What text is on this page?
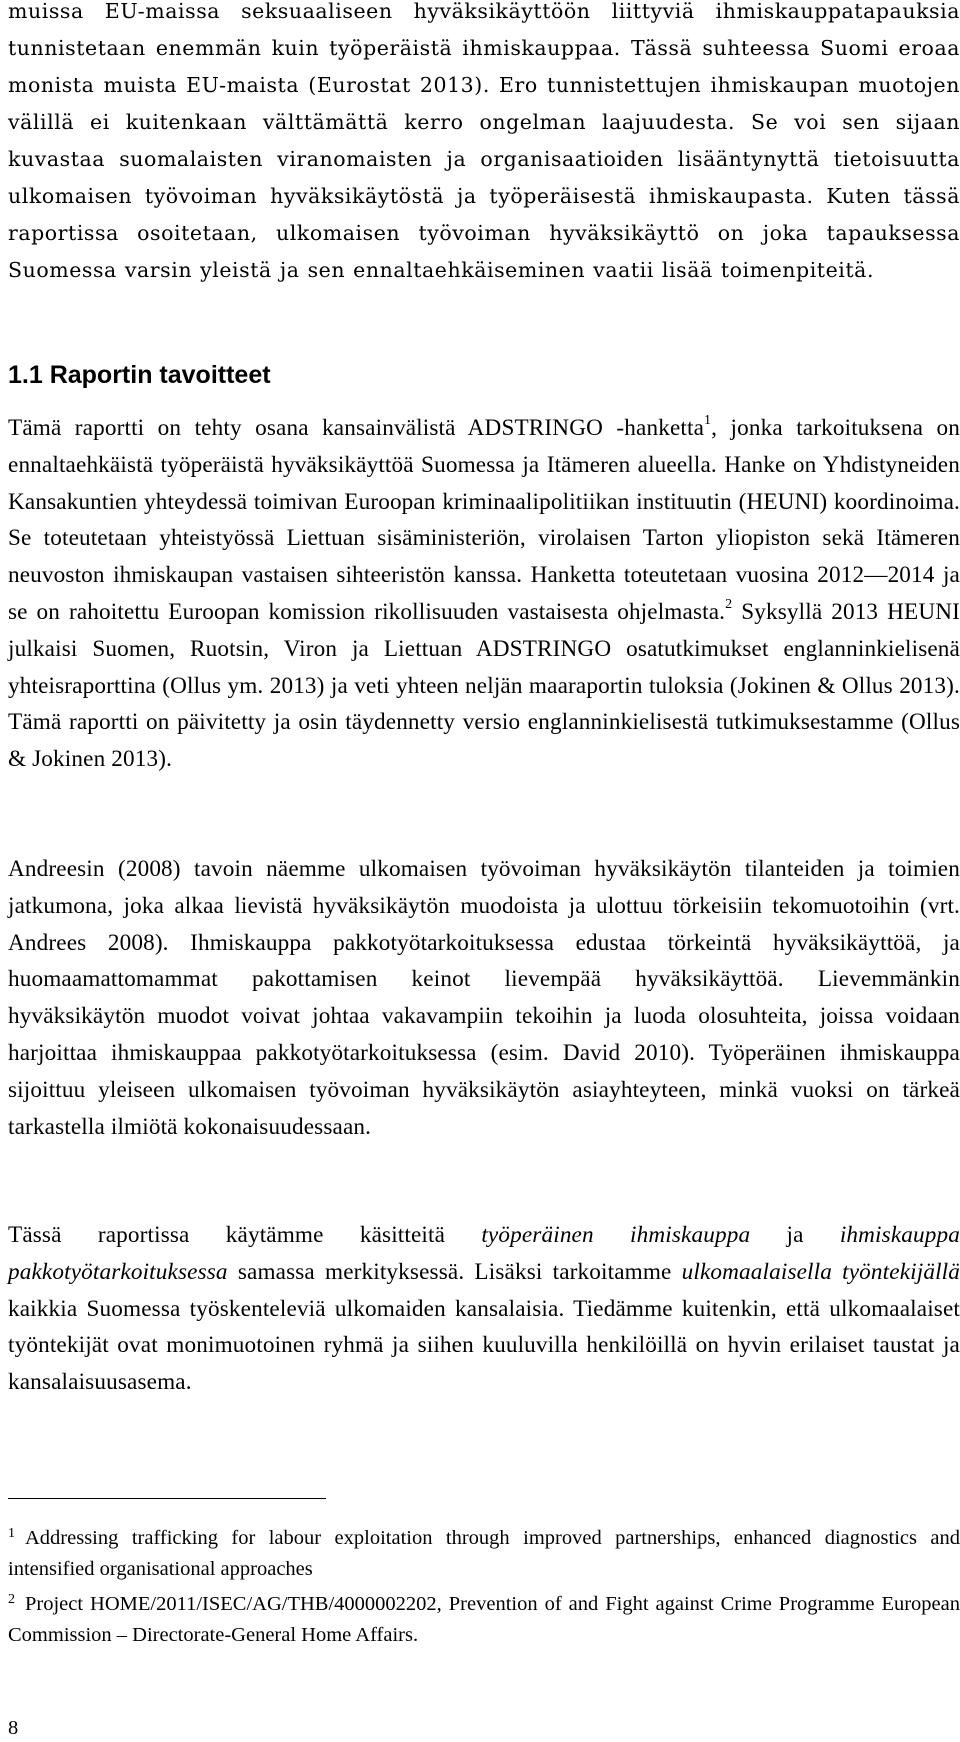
muissa EU-maissa seksuaaliseen hyväksikäyttöön liittyviä ihmiskauppatapauksia tunnistetaan enemmän kuin työperäistä ihmiskauppaa. Tässä suhteessa Suomi eroaa monista muista EU-maista (Eurostat 2013). Ero tunnistettujen ihmiskaupan muotojen välillä ei kuitenkaan välttämättä kerro ongelman laajuudesta. Se voi sen sijaan kuvastaa suomalaisten viranomaisten ja organisaatioiden lisääntynyttä tietoisuutta ulkomaisen työvoiman hyväksikäytöstä ja työperäisestä ihmiskaupasta. Kuten tässä raportissa osoitetaan, ulkomaisen työvoiman hyväksikäyttö on joka tapauksessa Suomessa varsin yleistä ja sen ennaltaehkäiseminen vaatii lisää toimenpiteitä.
1.1 Raportin tavoitteet
Tämä raportti on tehty osana kansainvälistä ADSTRINGO -hanketta$^1$, jonka tarkoituksena on ennaltaehkäistä työperäistä hyväksikäyttöä Suomessa ja Itämeren alueella. Hanke on Yhdistyneiden Kansakuntien yhteydessä toimivan Euroopan kriminaalipolitiikan instituutin (HEUNI) koordinoima. Se toteutetaan yhteistyössä Liettuan sisäministeriön, virolaisen Tarton yliopiston sekä Itämeren neuvoston ihmiskaupan vastaisen sihteeristön kanssa. Hanketta toteutetaan vuosina 2012—2014 ja se on rahoitettu Euroopan komission rikollisuuden vastaisesta ohjelmasta.$^2$ Syksyllä 2013 HEUNI julkaisi Suomen, Ruotsin, Viron ja Liettuan ADSTRINGO osatutkimukset englanninkielisenä yhteisraporttina (Ollus ym. 2013) ja veti yhteen neljän maaraportin tuloksia (Jokinen & Ollus 2013). Tämä raportti on päivitetty ja osin täydennetty versio englanninkielisestä tutkimuksestamme (Ollus & Jokinen 2013).
Andreesin (2008) tavoin näemme ulkomaisen työvoiman hyväksikäytön tilanteiden ja toimien jatkumona, joka alkaa lievistä hyväksikäytön muodoista ja ulottuu törkeisiin tekomuotoihin (vrt. Andrees 2008). Ihmiskauppa pakkotyötarkoituksessa edustaa törkeintä hyväksikäyttöä, ja huomaamattomammat pakottamisen keinot lievempää hyväksikäyttöä. Lievemmänkin hyväksikäytön muodot voivat johtaa vakavampiin tekoihin ja luoda olosuhteita, joissa voidaan harjoittaa ihmiskauppaa pakkotyötarkoituksessa (esim. David 2010). Työperäinen ihmiskauppa sijoittuu yleiseen ulkomaisen työvoiman hyväksikäytön asiayhteyteen, minkä vuoksi on tärkeä tarkastella ilmiötä kokonaisuudessaan.
Tässä raportissa käytämme käsitteitä työperäinen ihmiskauppa ja ihmiskauppa pakkotyötarkoituksessa samassa merkityksessä. Lisäksi tarkoitamme ulkomaalaisella työntekijällä kaikkia Suomessa työskenteleviä ulkomaiden kansalaisia. Tiedämme kuitenkin, että ulkomaalaiset työntekijät ovat monimuotoinen ryhmä ja siihen kuuluvilla henkilöillä on hyvin erilaiset taustat ja kansalaisuusasema.
$^1$ Addressing trafficking for labour exploitation through improved partnerships, enhanced diagnostics and intensified organisational approaches
$^2$ Project HOME/2011/ISEC/AG/THB/4000002202, Prevention of and Fight against Crime Programme European Commission – Directorate-General Home Affairs.
8
